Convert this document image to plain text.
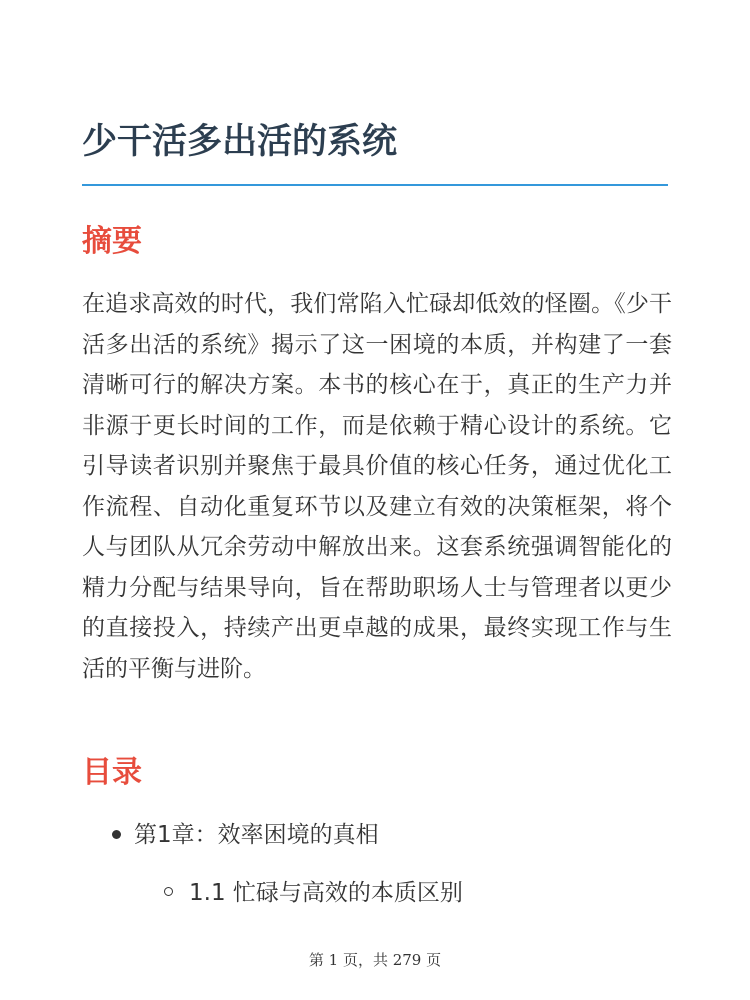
少干活多出活的系统
摘要

在追求高效的时代，我们常陷入忙碌却低效的怪圈。《少干活多出活的系统》揭示了这一困境的本质，并构建了一套清晰可行的解决方案。本书的核心在于，真正的生产力并非源于更长时间的工作，而是依赖于精心设计的系统。它引导读者识别并聚焦于最具价值的核心任务，通过优化工作流程、自动化重复环节以及建立有效的决策框架，将个人与团队从冗余劳动中解放出来。这套系统强调智能化的精力分配与结果导向，旨在帮助职场人士与管理者以更少的直接投入，持续产出更卓越的成果，最终实现工作与生活的平衡与进阶。

目录

第1章：效率困境的真相

1.1 忙碌与高效的本质区别

第 1 页，共 279 页
